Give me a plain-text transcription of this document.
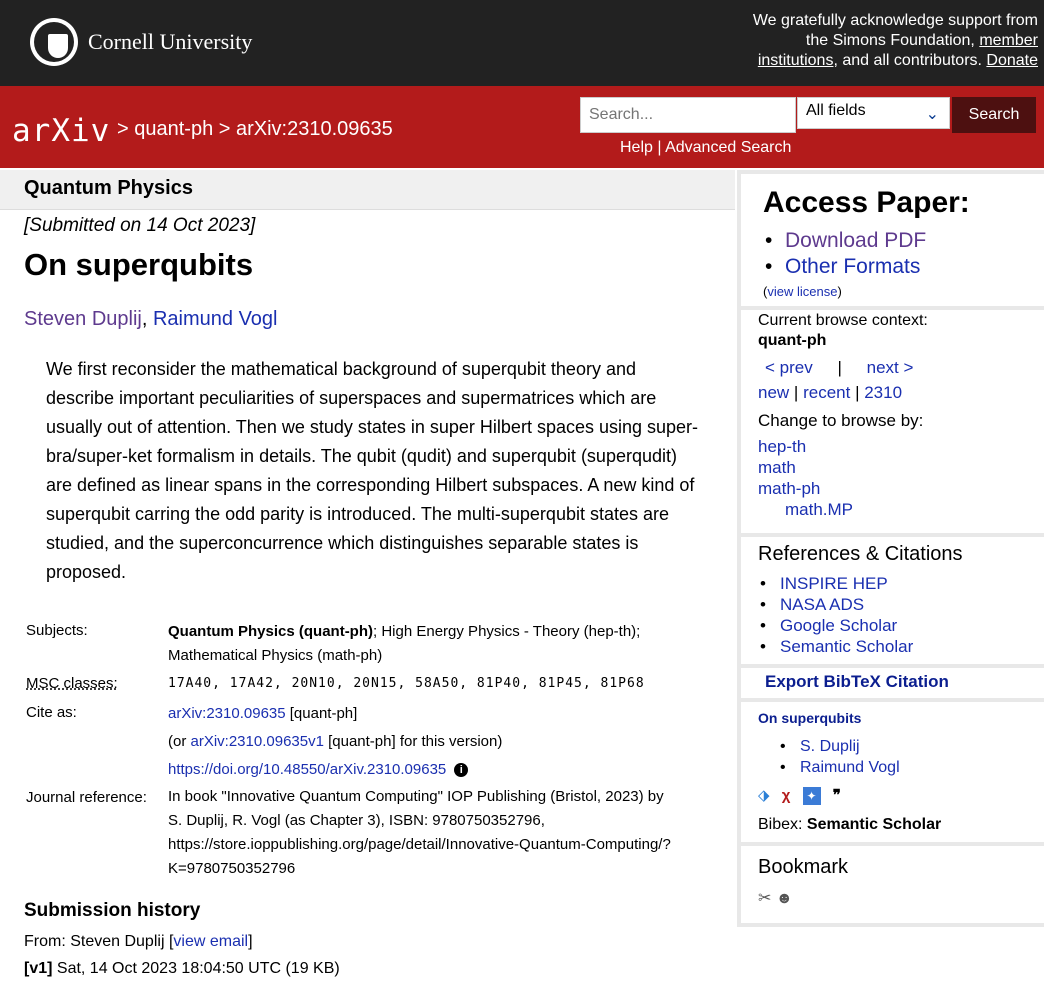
Cornell University
We gratefully acknowledge support from
the Simons Foundation, member
institutions, and all contributors. Donate
arXiv > quant-ph > arXiv:2310.09635
Search...
All fields	⌄	Search
Help | Advanced Search
Quantum Physics
[Submitted on 14 Oct 2023]
On superqubits
Steven Duplij, Raimund Vogl
We first reconsider the mathematical background of superqubit theory and describe important peculiarities of superspaces and supermatrices which are usually out of attention. Then we study states in super Hilbert spaces using super-bra/super-ket formalism in details. The qubit (qudit) and superqubit (superqudit) are defined as linear spans in the corresponding Hilbert subspaces. A new kind of superqubit carring the odd parity is introduced. The multi-superqubit states are studied, and the superconcurrence which distinguishes separable states is proposed.
Subjects:	Quantum Physics (quant-ph); High Energy Physics - Theory (hep-th);
Mathematical Physics (math-ph)
MSC classes:	17A40, 17A42, 20N10, 20N15, 58A50, 81P40, 81P45, 81P68
Cite as:	arXiv:2310.09635 [quant-ph]
(or arXiv:2310.09635v1 [quant-ph] for this version)
https://doi.org/10.48550/arXiv.2310.09635 i
Journal reference: In book "Innovative Quantum Computing" IOP Publishing (Bristol, 2023) by
S. Duplij, R. Vogl (as Chapter 3), ISBN: 9780750352796,
https://store.ioppublishing.org/page/detail/Innovative-Quantum-Computing/?
K=9780750352796
Submission history
From: Steven Duplij [view email]
[v1] Sat, 14 Oct 2023 18:04:50 UTC (19 KB)
Access Paper:
• Download PDF
• Other Formats
(view license)
Current browse context:
quant-ph
< prev | next >
new | recent | 2310
Change to browse by:
hep-th
math
math-ph
math.MP
References & Citations
• INSPIRE HEP
• NASA ADS
• Google Scholar
• Semantic Scholar
Export BibTeX Citation
On superqubits
• S. Duplij
• Raimund Vogl
⬗ χ ✦ ❞
Bibex: Semantic Scholar
Bookmark
✂ ☻
